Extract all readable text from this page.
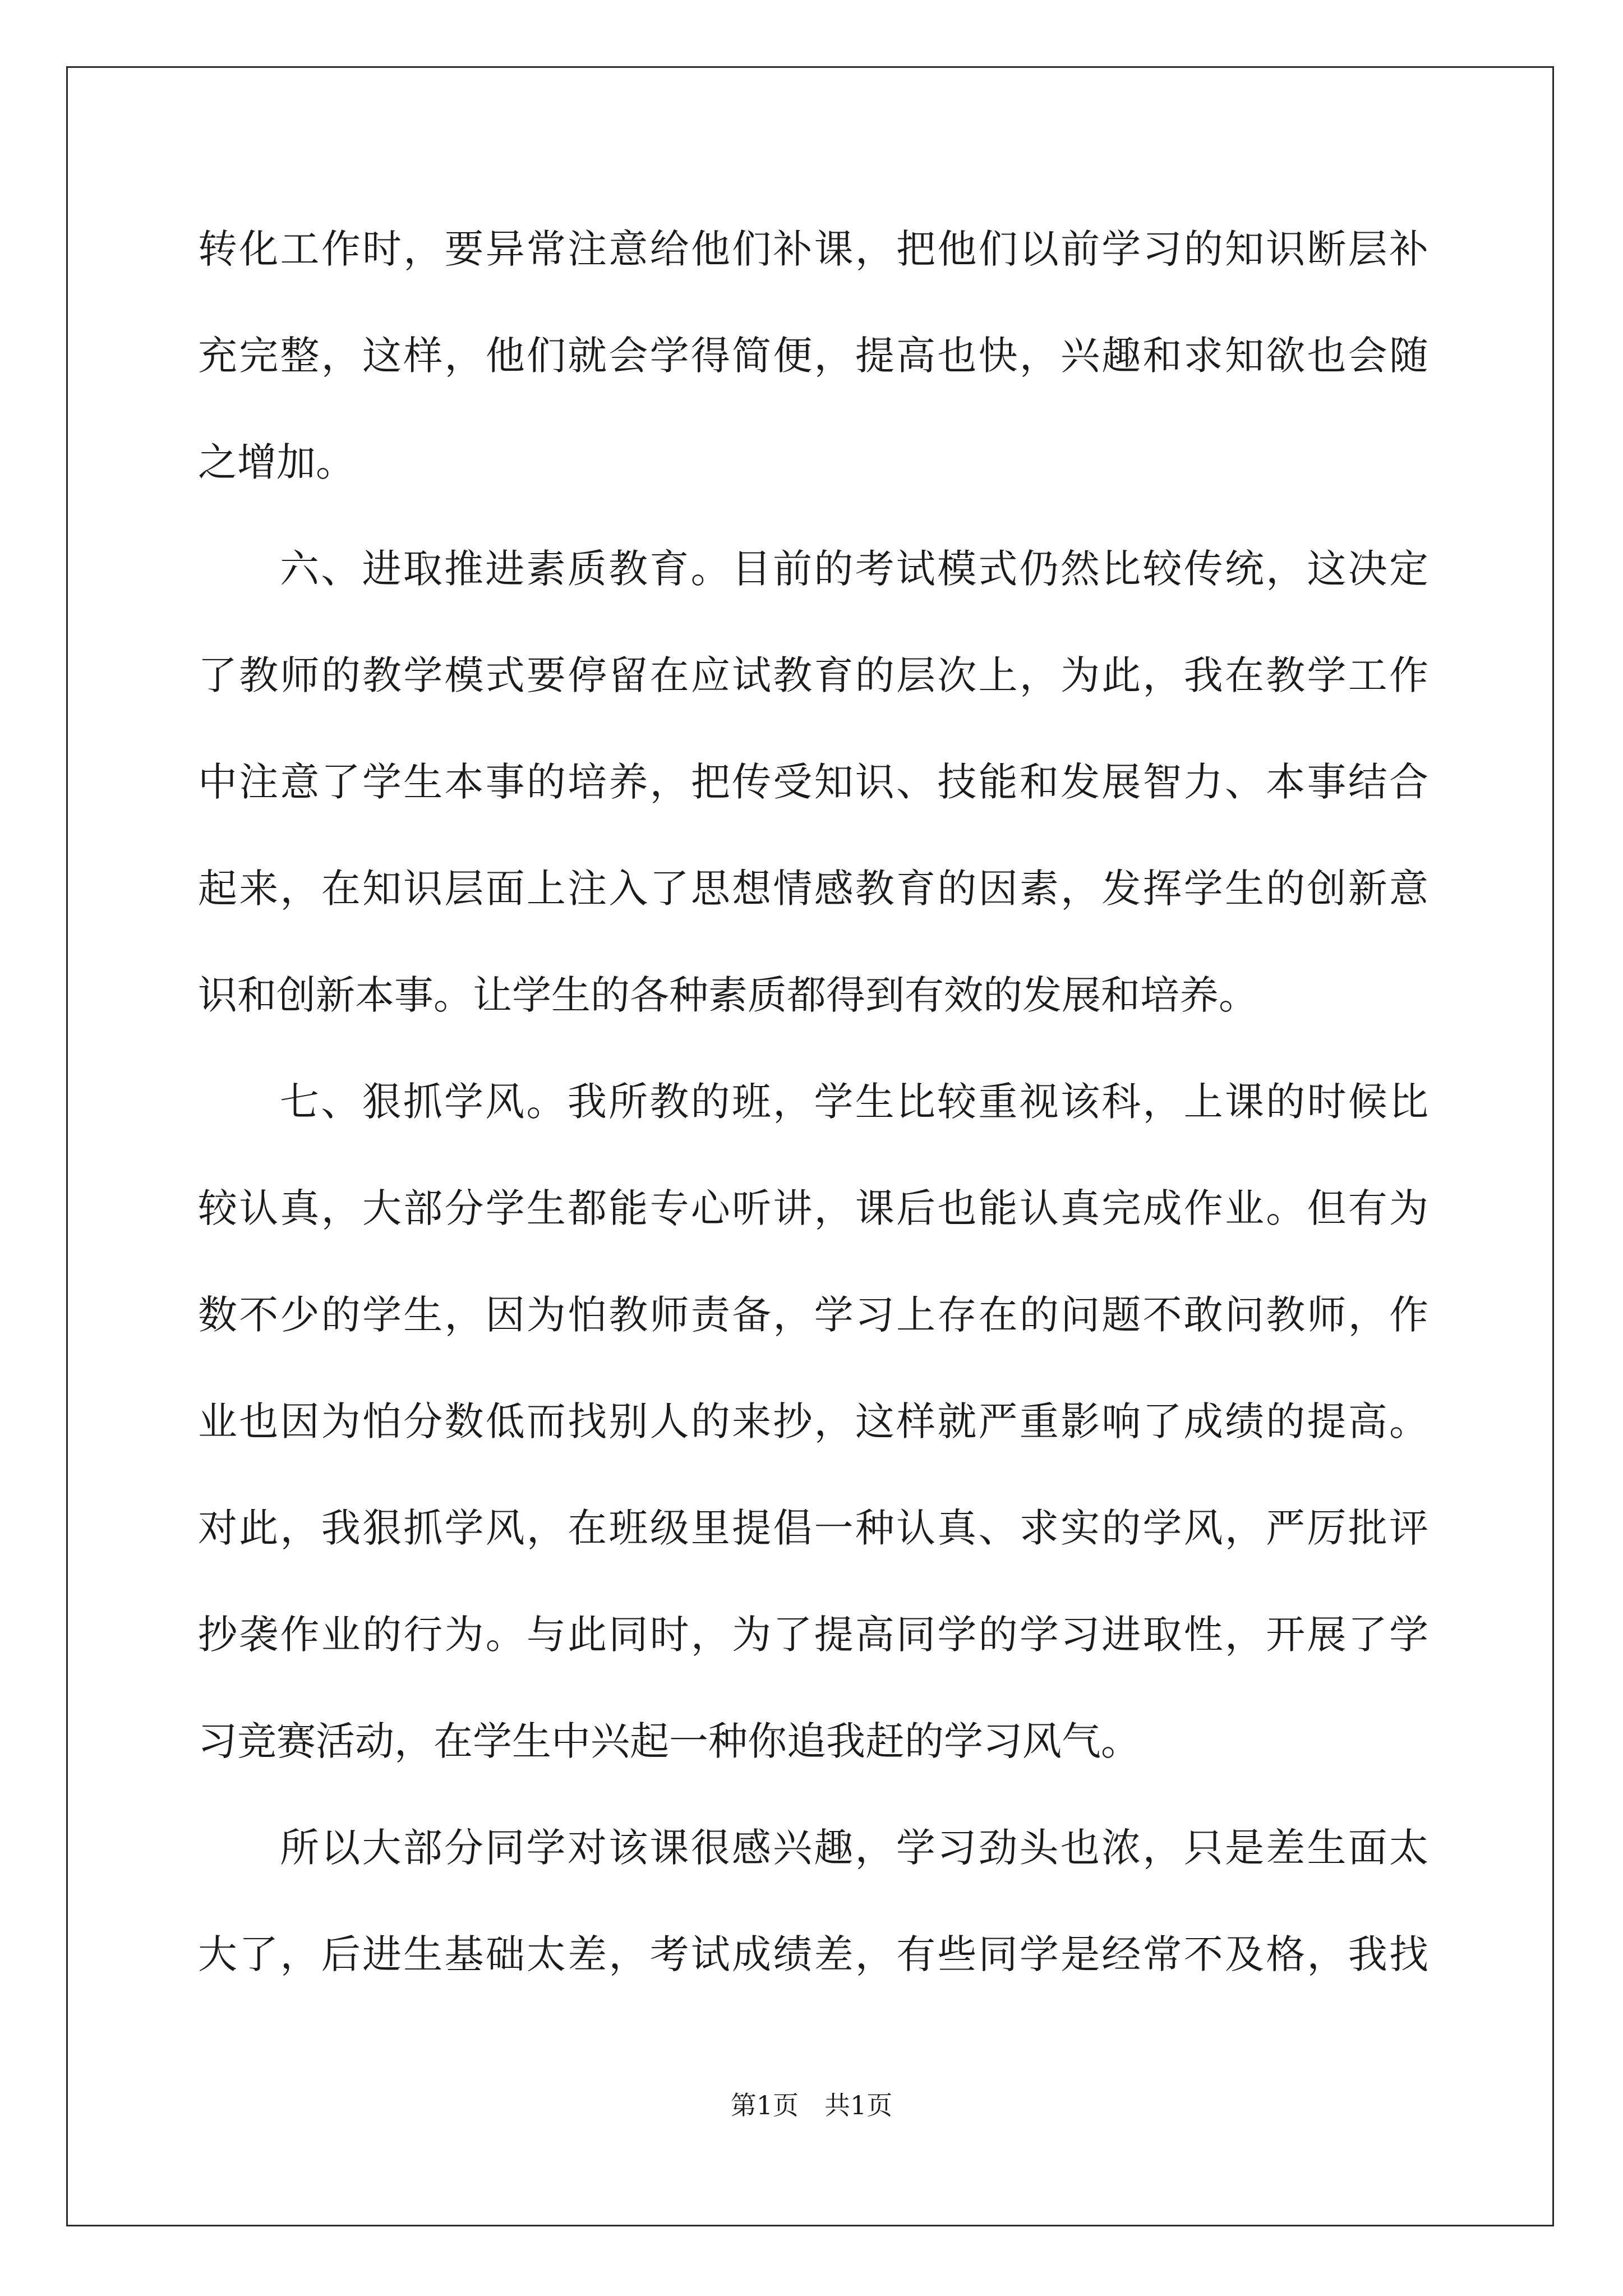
转化工作时，要异常注意给他们补课，把他们以前学习的知识断层补
充完整，这样，他们就会学得简便，提高也快，兴趣和求知欲也会随
之增加。
六、进取推进素质教育。目前的考试模式仍然比较传统，这决定
了教师的教学模式要停留在应试教育的层次上，为此，我在教学工作
中注意了学生本事的培养，把传受知识、技能和发展智力、本事结合
起来，在知识层面上注入了思想情感教育的因素，发挥学生的创新意
识和创新本事。让学生的各种素质都得到有效的发展和培养。
七、狠抓学风。我所教的班，学生比较重视该科，上课的时候比
较认真，大部分学生都能专心听讲，课后也能认真完成作业。但有为
数不少的学生，因为怕教师责备，学习上存在的问题不敢问教师，作
业也因为怕分数低而找别人的来抄，这样就严重影响了成绩的提高。
对此，我狠抓学风，在班级里提倡一种认真、求实的学风，严厉批评
抄袭作业的行为。与此同时，为了提高同学的学习进取性，开展了学
习竞赛活动，在学生中兴起一种你追我赶的学习风气。
所以大部分同学对该课很感兴趣，学习劲头也浓，只是差生面太
大了，后进生基础太差，考试成绩差，有些同学是经常不及格，我找
第1页　共1页
